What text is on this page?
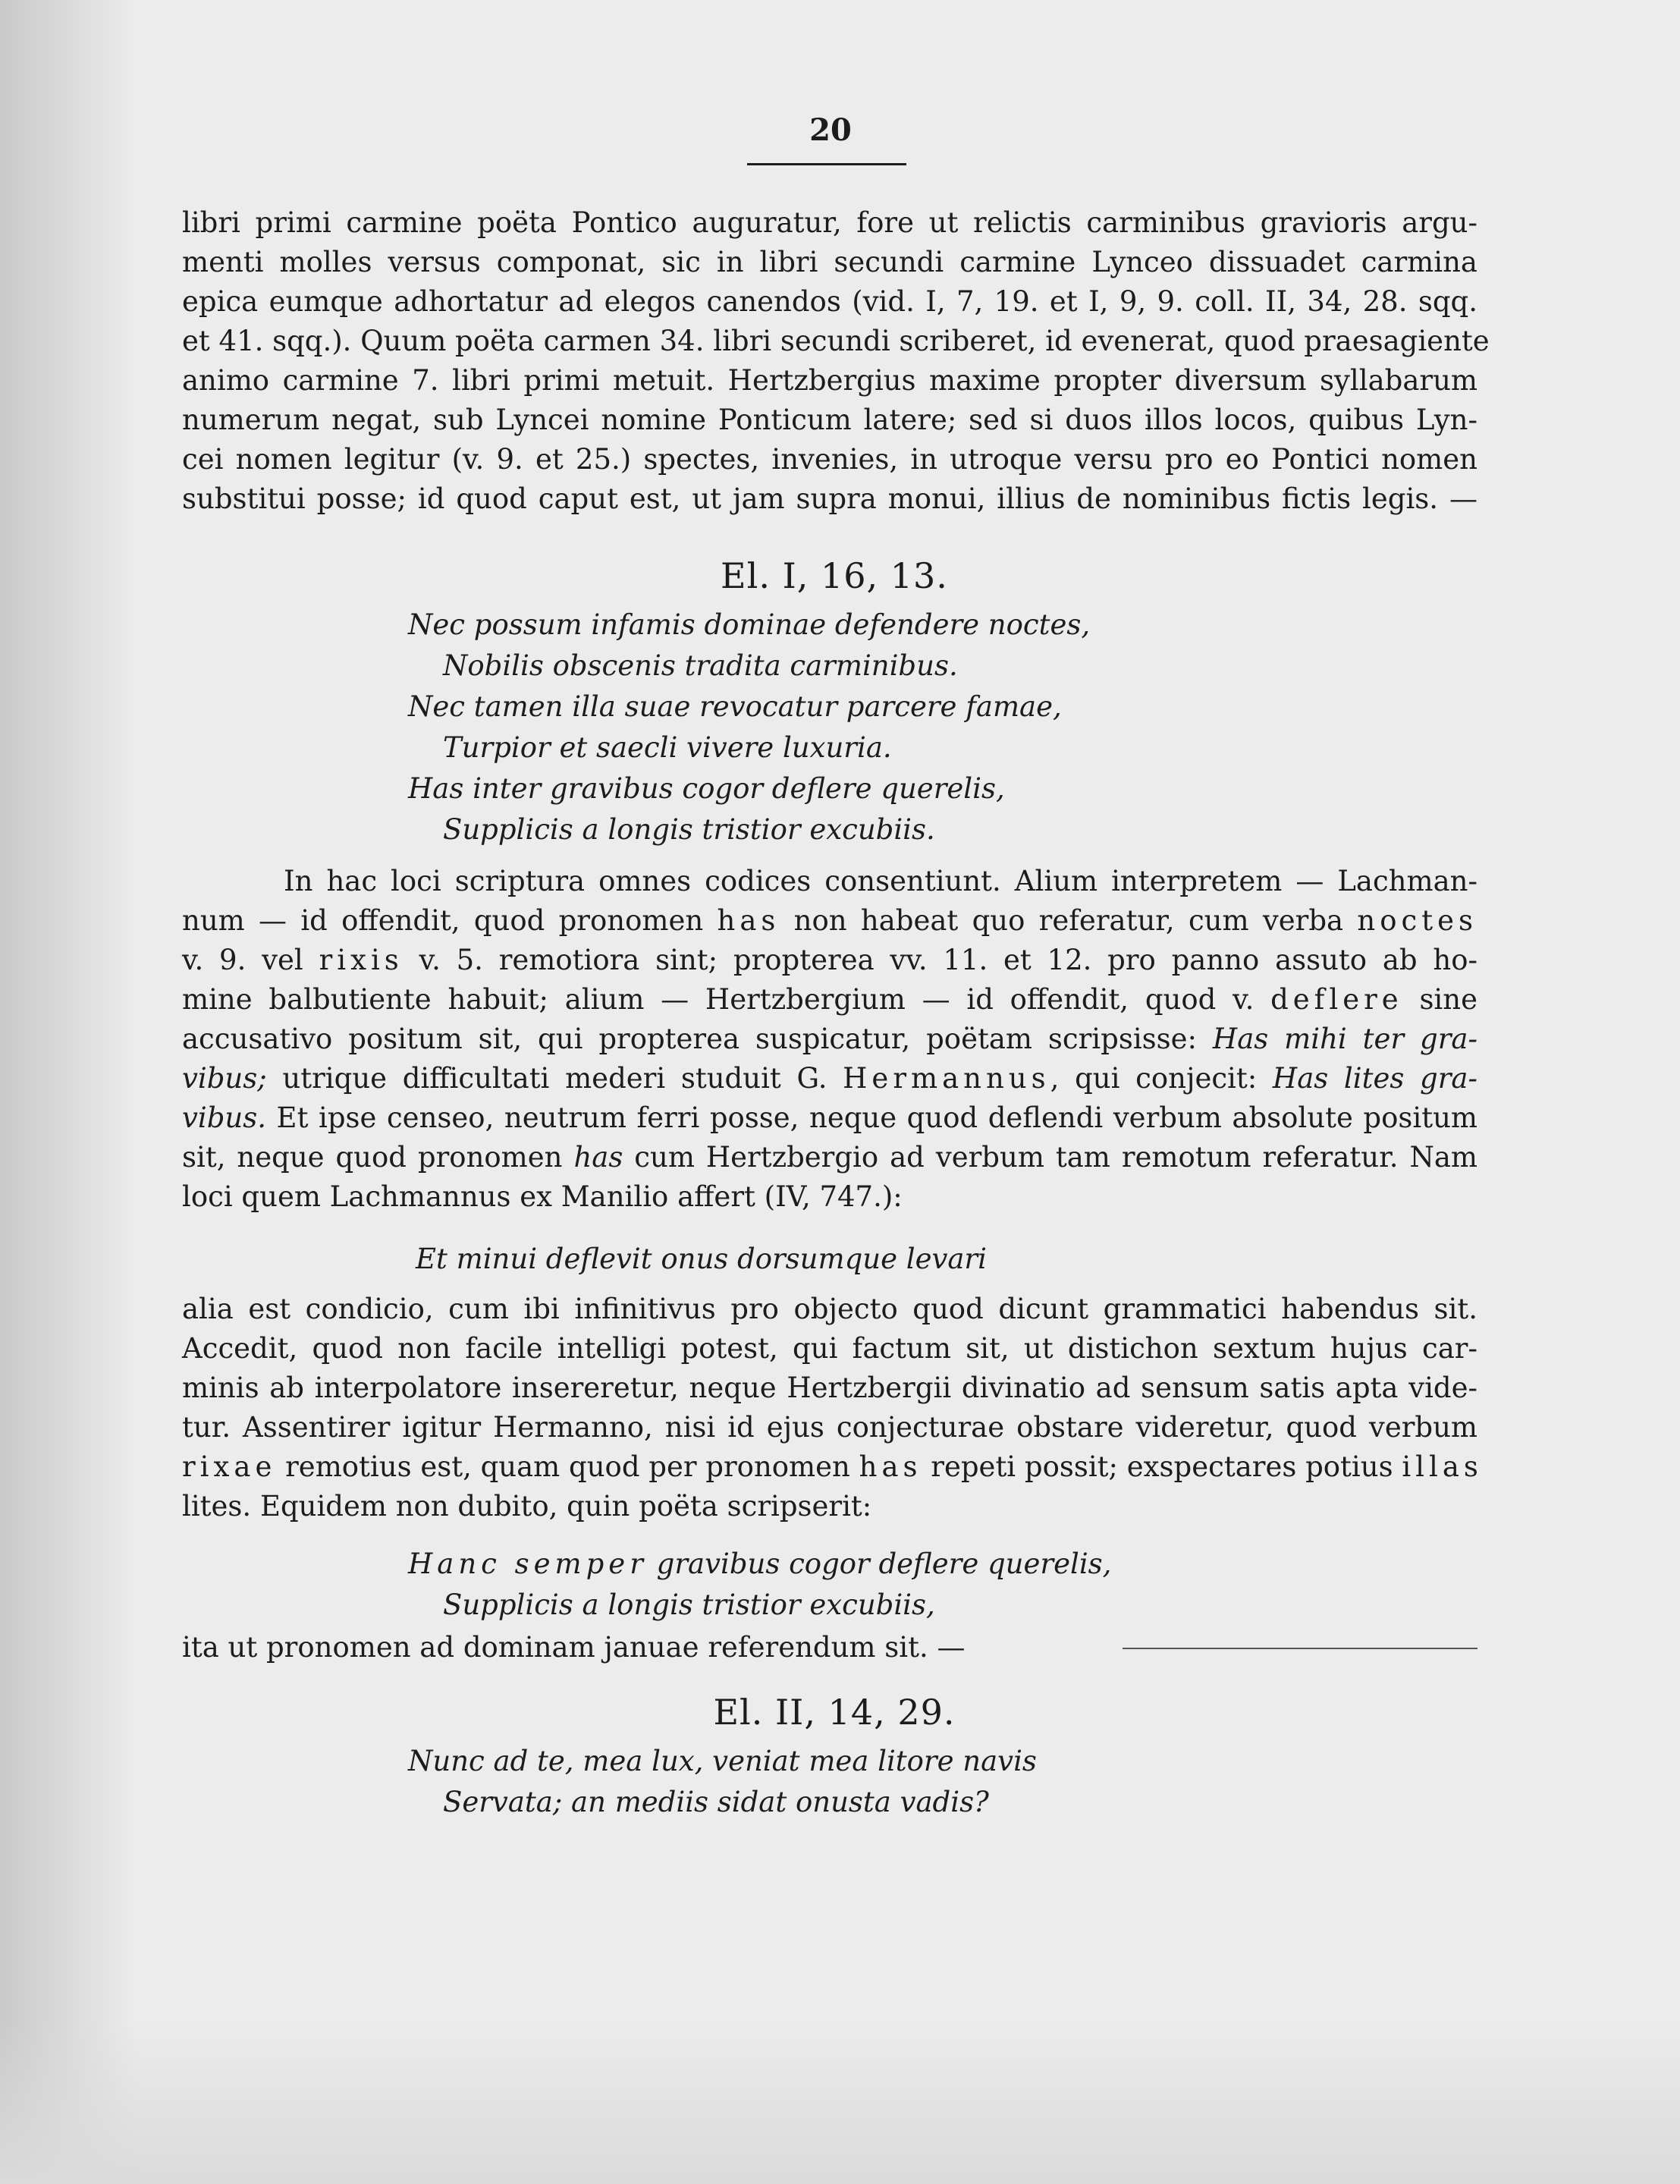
20
libri primi carmine poëta Pontico auguratur, fore ut relictis carminibus gravioris argu-
menti molles versus componat, sic in libri secundi carmine Lynceo dissuadet carmina
epica eumque adhortatur ad elegos canendos (vid. I, 7, 19. et I, 9, 9. coll. II, 34, 28. sqq.
et 41. sqq.). Quum poëta carmen 34. libri secundi scriberet, id evenerat, quod praesagiente
animo carmine 7. libri primi metuit. Hertzbergius maxime propter diversum syllabarum
numerum negat, sub Lyncei nomine Ponticum latere; sed si duos illos locos, quibus Lyn-
cei nomen legitur (v. 9. et 25.) spectes, invenies, in utroque versu pro eo Pontici nomen
substitui posse; id quod caput est, ut jam supra monui, illius de nominibus fictis legis. —
El. I, 16, 13.
Nec possum infamis dominae defendere noctes,
Nobilis obscenis tradita carminibus.
Nec tamen illa suae revocatur parcere famae,
Turpior et saecli vivere luxuria.
Has inter gravibus cogor deflere querelis,
Supplicis a longis tristior excubiis.
In hac loci scriptura omnes codices consentiunt. Alium interpretem — Lachman-
num — id offendit, quod pronomen has non habeat quo referatur, cum verba noctes
v. 9. vel rixis v. 5. remotiora sint; propterea vv. 11. et 12. pro panno assuto ab ho-
mine balbutiente habuit; alium — Hertzbergium — id offendit, quod v. deflere sine
accusativo positum sit, qui propterea suspicatur, poëtam scripsisse: Has mihi ter gra-
vibus; utrique difficultati mederi studuit G. Hermannus, qui conjecit: Has lites gra-
vibus. Et ipse censeo, neutrum ferri posse, neque quod deflendi verbum absolute positum
sit, neque quod pronomen has cum Hertzbergio ad verbum tam remotum referatur. Nam
loci quem Lachmannus ex Manilio affert (IV, 747.):
Et minui deflevit onus dorsumque levari
alia est condicio, cum ibi infinitivus pro objecto quod dicunt grammatici habendus sit.
Accedit, quod non facile intelligi potest, qui factum sit, ut distichon sextum hujus car-
minis ab interpolatore insereretur, neque Hertzbergii divinatio ad sensum satis apta vide-
tur. Assentirer igitur Hermanno, nisi id ejus conjecturae obstare videretur, quod verbum
rixae remotius est, quam quod per pronomen has repeti possit; exspectares potius illas
lites. Equidem non dubito, quin poëta scripserit:
Hanc semper gravibus cogor deflere querelis,
Supplicis a longis tristior excubiis,
ita ut pronomen ad dominam januae referendum sit. —
El. II, 14, 29.
Nunc ad te, mea lux, veniat mea litore navis
Servata; an mediis sidat onusta vadis?
